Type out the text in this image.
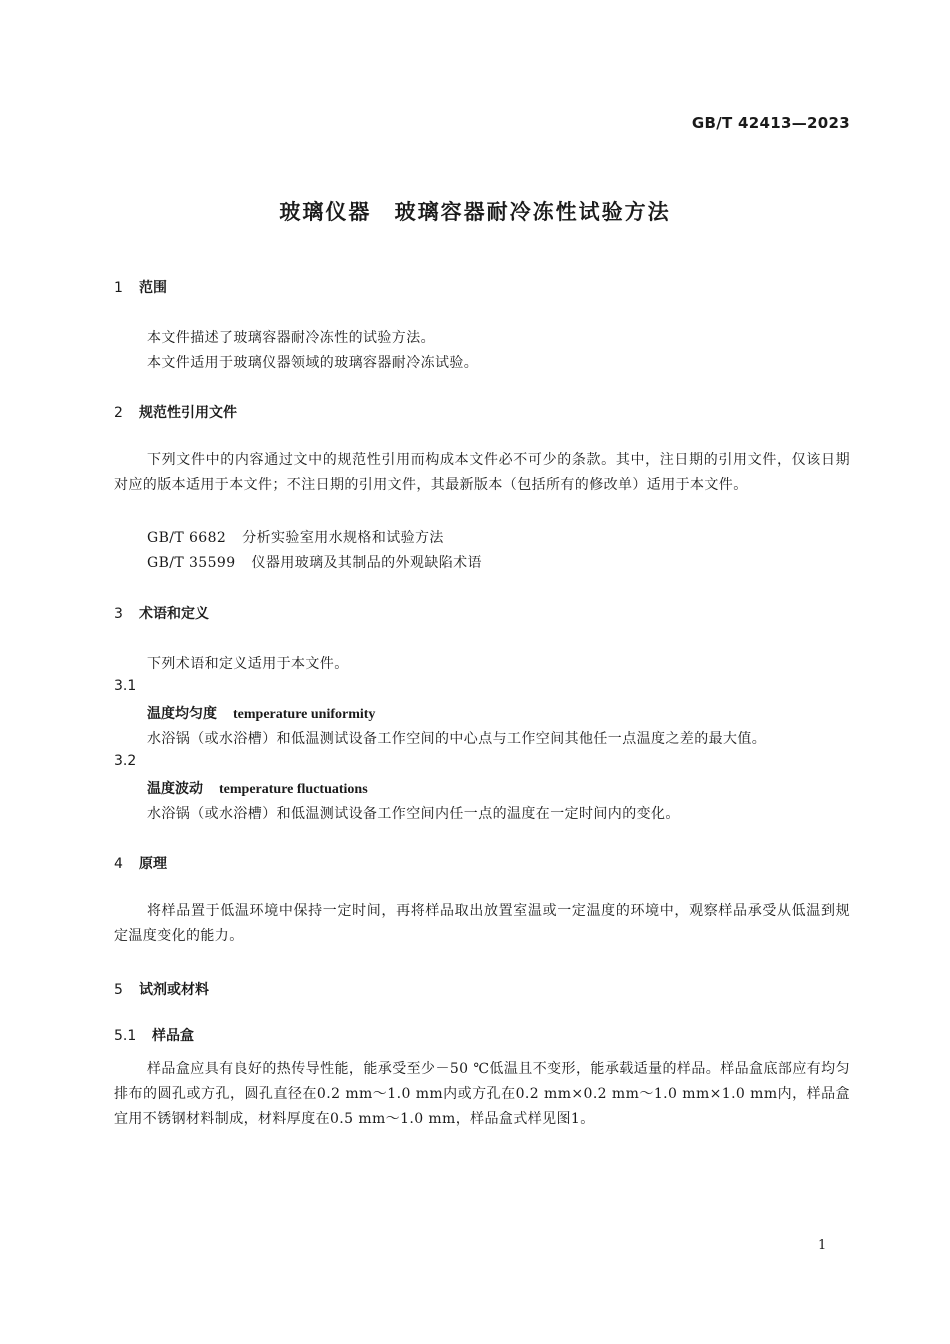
GB/T 42413—2023
玻璃仪器 玻璃容器耐冷冻性试验方法
1 范围
本文件描述了玻璃容器耐冷冻性的试验方法。
本文件适用于玻璃仪器领域的玻璃容器耐冷冻试验。
2 规范性引用文件
下列文件中的内容通过文中的规范性引用而构成本文件必不可少的条款。其中，注日期的引用文件，仅该日期对应的版本适用于本文件；不注日期的引用文件，其最新版本（包括所有的修改单）适用于本文件。
GB/T 6682 分析实验室用水规格和试验方法
GB/T 35599 仪器用玻璃及其制品的外观缺陷术语
3 术语和定义
下列术语和定义适用于本文件。
3.1
温度均匀度 temperature uniformity
水浴锅（或水浴槽）和低温测试设备工作空间的中心点与工作空间其他任一点温度之差的最大值。
3.2
温度波动 temperature fluctuations
水浴锅（或水浴槽）和低温测试设备工作空间内任一点的温度在一定时间内的变化。
4 原理
将样品置于低温环境中保持一定时间，再将样品取出放置室温或一定温度的环境中，观察样品承受从低温到规定温度变化的能力。
5 试剂或材料
5.1 样品盒
样品盒应具有良好的热传导性能，能承受至少－50 ℃低温且不变形，能承载适量的样品。样品盒底部应有均匀排布的圆孔或方孔，圆孔直径在0.2 mm～1.0 mm内或方孔在0.2 mm×0.2 mm～1.0 mm×1.0 mm内，样品盒宜用不锈钢材料制成，材料厚度在0.5 mm～1.0 mm，样品盒式样见图1。
1
